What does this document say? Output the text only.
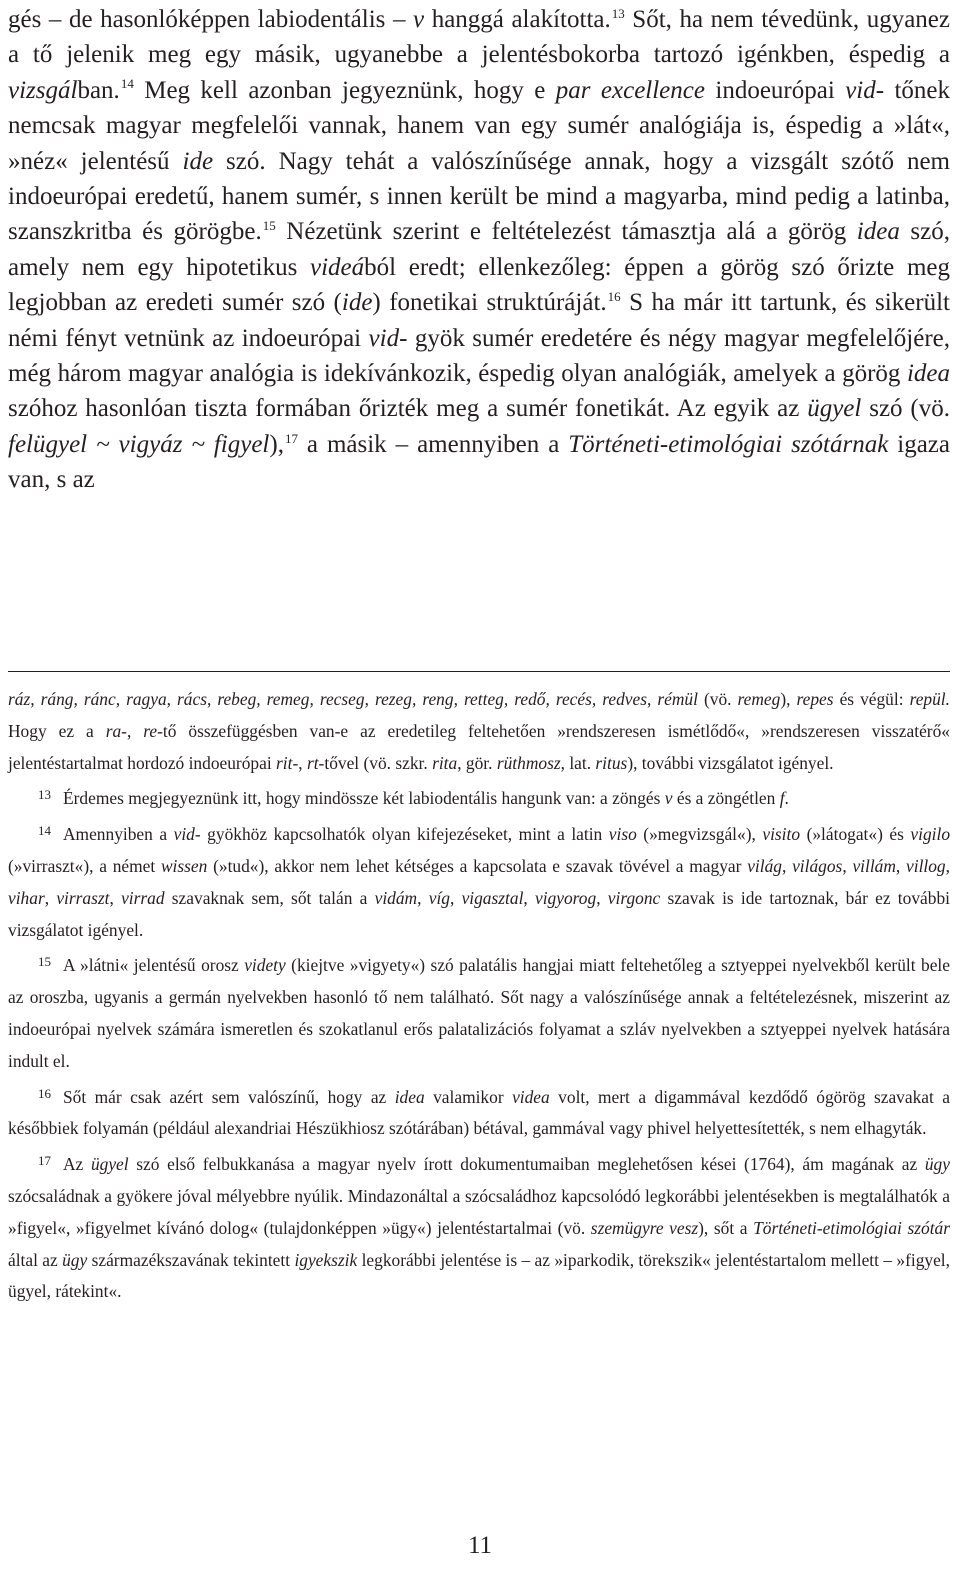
gés – de hasonlóképpen labiodentális – v hanggá alakította.$^{13}$ Sőt, ha nem tévedünk, ugyanez a tő jelenik meg egy másik, ugyanebbe a jelentésbokorba tartozó igénkben, éspedig a vizsgálban.$^{14}$ Meg kell azonban jegyeznünk, hogy e par excellence indoeurópai vid- tőnek nemcsak magyar megfelelői vannak, hanem van egy sumér analógiája is, éspedig a »lát«, »néz« jelentésű ide szó. Nagy tehát a valószínűsége annak, hogy a vizsgált szótő nem indoeurópai eredetű, hanem sumér, s innen került be mind a magyarba, mind pedig a latinba, szanszkritba és görögbe.$^{15}$ Nézetünk szerint e feltételezést támasztja alá a görög idea szó, amely nem egy hipotetikus videából eredt; ellenkezőleg: éppen a görög szó őrizte meg legjobban az eredeti sumér szó (ide) fonetikai struktúráját.$^{16}$ S ha már itt tartunk, és sikerült némi fényt vetnünk az indoeurópai vid- gyök sumér eredetére és négy magyar megfelelőjére, még három magyar analógia is idekívánkozik, éspedig olyan analógiák, amelyek a görög idea szóhoz hasonlóan tiszta formában őrizték meg a sumér fonetikát. Az egyik az ügyel szó (vö. felügyel ~ vigyáz ~ figyel),$^{17}$ a másik – amennyiben a Történeti-etimológiai szótárnak igaza van, s az

ráz, ráng, ránc, ragya, rács, rebeg, remeg, recseg, rezeg, reng, retteg, redő, recés, redves, rémül (vö. remeg), repes és végül: repül. Hogy ez a ra-, re-tő összefüggésben van-e az eredetileg feltehetően »rendszeresen ismétlődő«, »rendszeresen visszatérő« jelentéstartalmat hordozó indoeurópai rit-, rt-tővel (vö. szkr. rita, gör. rüthmosz, lat. ritus), további vizsgálatot igényel.

13 Érdemes megjegyeznünk itt, hogy mindössze két labiodentális hangunk van: a zöngés v és a zöngétlen f.

14 Amennyiben a vid- gyökhöz kapcsolhatók olyan kifejezéseket, mint a latin viso (»megvizsgál«), visito (»látogat«) és vigilo (»virraszt«), a német wissen (»tud«), akkor nem lehet kétséges a kapcsolata e szavak tövével a magyar világ, világos, villám, villog, vihar, virraszt, virrad szavaknak sem, sőt talán a vidám, víg, vigasztal, vigyorog, virgonc szavak is ide tartoznak, bár ez további vizsgálatot igényel.

15 A »látni« jelentésű orosz videty (kiejtve »vigyety«) szó palatális hangjai miatt feltehetőleg a sztyeppei nyelvekből került bele az oroszba, ugyanis a germán nyelvekben hasonló tő nem található. Sőt nagy a valószínűsége annak a feltételezésnek, miszerint az indoeurópai nyelvek számára ismeretlen és szokatlanul erős palatalizációs folyamat a szláv nyelvekben a sztyeppei nyelvek hatására indult el.

16 Sőt már csak azért sem valószínű, hogy az idea valamikor videa volt, mert a digammával kezdődő ógörög szavakat a későbbiek folyamán (például alexandriai Hészükhiosz szótárában) bétával, gammával vagy phivel helyettesítették, s nem elhagyták.

17 Az ügyel szó első felbukkanása a magyar nyelv írott dokumentumaiban meglehetősen kései (1764), ám magának az ügy szócsaládnak a gyökere jóval mélyebbre nyúlik. Mindazonáltal a szócsaládhoz kapcsolódó legkorábbi jelentésekben is megtalálhatók a »figyel«, »figyelmet kívánó dolog« (tulajdonképpen »ügy«) jelentéstartalmai (vö. szemügyre vesz), sőt a Történeti-etimológiai szótár által az ügy származékszavának tekintett igyekszik legkorábbi jelentése is – az »iparkodik, törekszik« jelentéstartalom mellett – »figyel, ügyel, rátekint«.

11
